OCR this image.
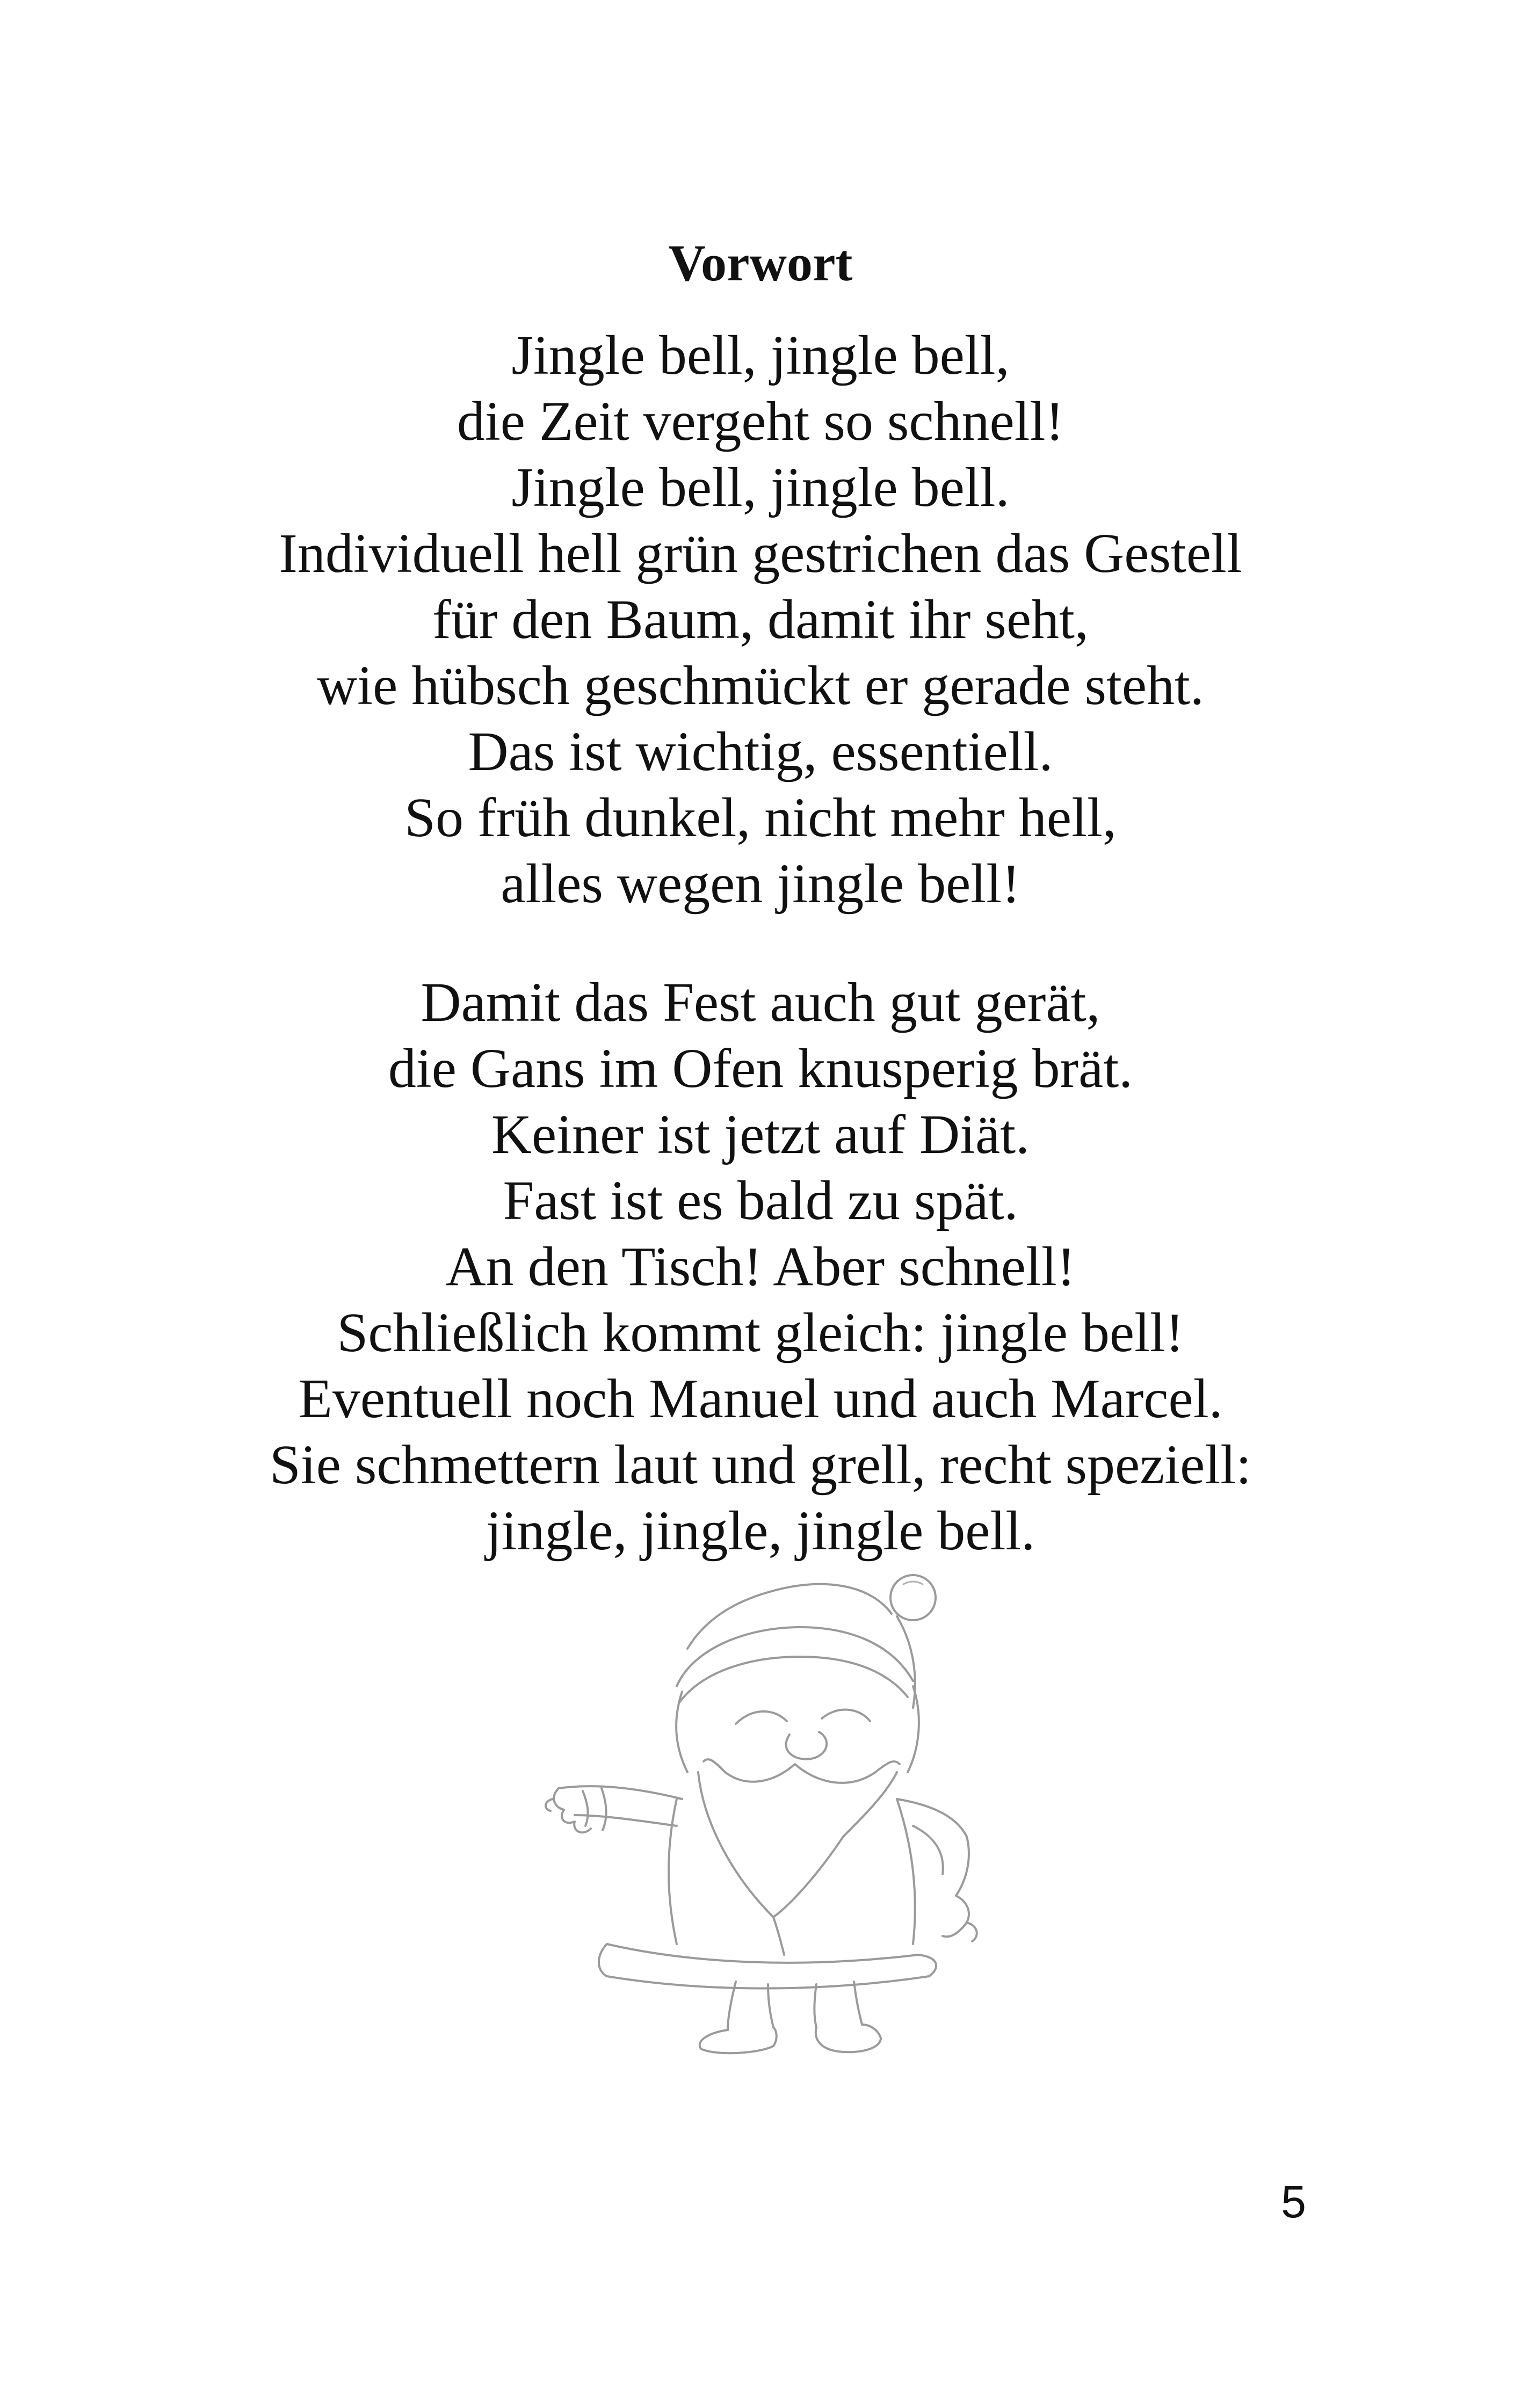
Vorwort
Jingle bell, jingle bell,
die Zeit vergeht so schnell!
Jingle bell, jingle bell.
Individuell hell grün gestrichen das Gestell
für den Baum, damit ihr seht,
wie hübsch geschmückt er gerade steht.
Das ist wichtig, essentiell.
So früh dunkel, nicht mehr hell,
alles wegen jingle bell!
Damit das Fest auch gut gerät,
die Gans im Ofen knusperig brät.
Keiner ist jetzt auf Diät.
Fast ist es bald zu spät.
An den Tisch! Aber schnell!
Schließlich kommt gleich: jingle bell!
Eventuell noch Manuel und auch Marcel.
Sie schmettern laut und grell, recht speziell:
jingle, jingle, jingle bell.
5
